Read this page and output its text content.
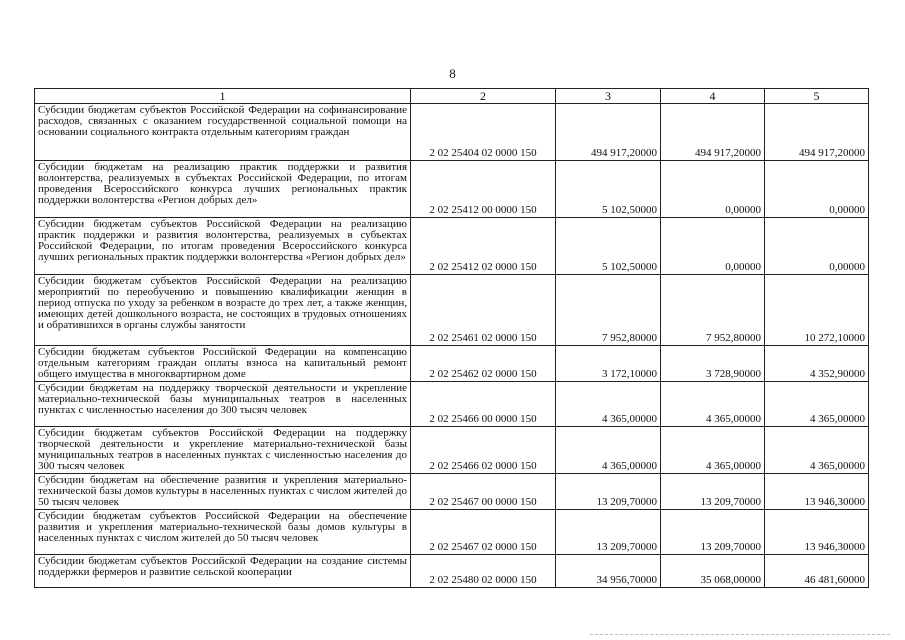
8
1	2	3	4	5
Субсидии бюджетам субъектов Российской Федерации на софинансирование расходов, связанных с оказанием государственной социальной помощи на основании социального контракта отдельным категориям граждан	2 02 25404 02 0000 150	494 917,20000	494 917,20000	494 917,20000
Субсидии бюджетам на реализацию практик поддержки и развития волонтерства, реализуемых в субъектах Российской Федерации, по итогам проведения Всероссийского конкурса лучших региональных практик поддержки волонтерства «Регион добрых дел»	2 02 25412 00 0000 150	5 102,50000	0,00000	0,00000
Субсидии бюджетам субъектов Российской Федерации на реализацию практик поддержки и развития волонтерства, реализуемых в субъектах Российской Федерации, по итогам проведения Всероссийского конкурса лучших региональных практик поддержки волонтерства «Регион добрых дел»	2 02 25412 02 0000 150	5 102,50000	0,00000	0,00000
Субсидии бюджетам субъектов Российской Федерации на реализацию мероприятий по переобучению и повышению квалификации женщин в период отпуска по уходу за ребенком в возрасте до трех лет, а также женщин, имеющих детей дошкольного возраста, не состоящих в трудовых отношениях и обратившихся в органы службы занятости	2 02 25461 02 0000 150	7 952,80000	7 952,80000	10 272,10000
Субсидии бюджетам субъектов Российской Федерации на компенсацию отдельным категориям граждан оплаты взноса на капитальный ремонт общего имущества в многоквартирном доме	2 02 25462 02 0000 150	3 172,10000	3 728,90000	4 352,90000
Субсидии бюджетам на поддержку творческой деятельности и укрепление материально-технической базы муниципальных театров в населенных пунктах с численностью населения до 300 тысяч человек	2 02 25466 00 0000 150	4 365,00000	4 365,00000	4 365,00000
Субсидии бюджетам субъектов Российской Федерации на поддержку творческой деятельности и укрепление материально-технической базы муниципальных театров в населенных пунктах с численностью населения до 300 тысяч человек	2 02 25466 02 0000 150	4 365,00000	4 365,00000	4 365,00000
Субсидии бюджетам на обеспечение развития и укрепления материально-технической базы домов культуры в населенных пунктах с числом жителей до 50 тысяч человек	2 02 25467 00 0000 150	13 209,70000	13 209,70000	13 946,30000
Субсидии бюджетам субъектов Российской Федерации на обеспечение развития и укрепления материально-технической базы домов культуры в населенных пунктах с числом жителей до 50 тысяч человек	2 02 25467 02 0000 150	13 209,70000	13 209,70000	13 946,30000
Субсидии бюджетам субъектов Российской Федерации на создание системы поддержки фермеров и развитие сельской кооперации	2 02 25480 02 0000 150	34 956,70000	35 068,00000	46 481,60000
